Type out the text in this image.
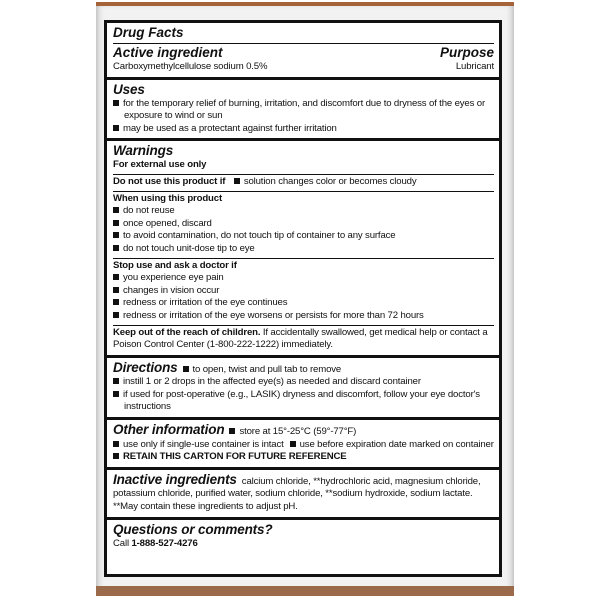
Drug Facts
Active ingredient	Purpose
Carboxymethylcellulose sodium 0.5%	Lubricant
Uses
for the temporary relief of burning, irritation, and discomfort due to dryness of the eyes or exposure to wind or sun
may be used as a protectant against further irritation
Warnings
For external use only
Do not use this product if solution changes color or becomes cloudy
When using this product
do not reuse
once opened, discard
to avoid contamination, do not touch tip of container to any surface
do not touch unit-dose tip to eye
Stop use and ask a doctor if
you experience eye pain
changes in vision occur
redness or irritation of the eye continues
redness or irritation of the eye worsens or persists for more than 72 hours
Keep out of the reach of children. If accidentally swallowed, get medical help or contact a Poison Control Center (1-800-222-1222) immediately.
Directions to open, twist and pull tab to remove
instill 1 or 2 drops in the affected eye(s) as needed and discard container
if used for post-operative (e.g., LASIK) dryness and discomfort, follow your eye doctor's instructions
Other information store at 15°-25°C (59°-77°F)
use only if single-use container is intact use before expiration date marked on container
RETAIN THIS CARTON FOR FUTURE REFERENCE
Inactive ingredients calcium chloride, **hydrochloric acid, magnesium chloride, potassium chloride, purified water, sodium chloride, **sodium hydroxide, sodium lactate.
**May contain these ingredients to adjust pH.
Questions or comments?
Call 1-888-527-4276
